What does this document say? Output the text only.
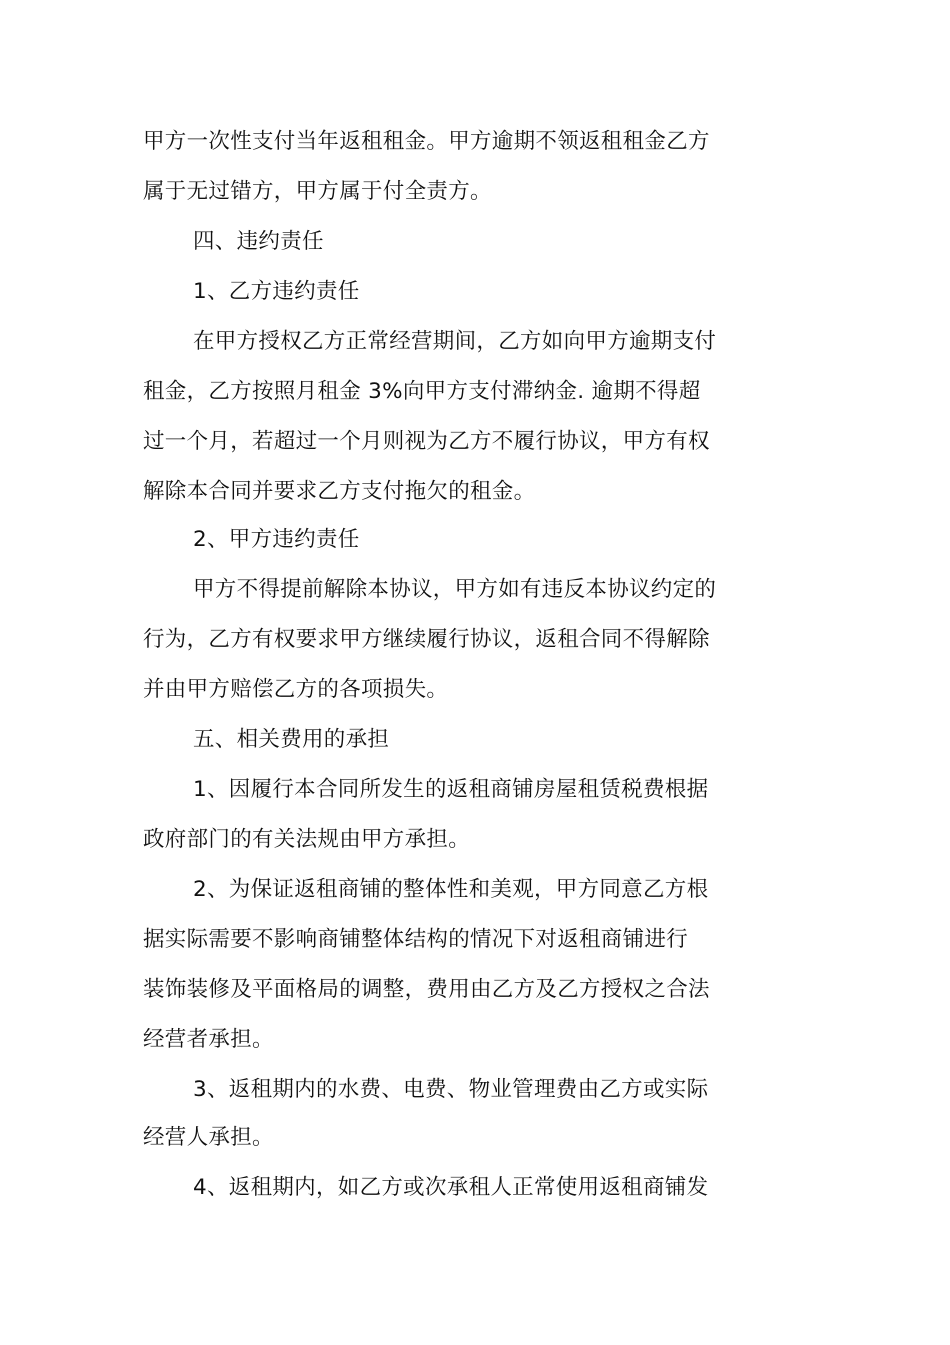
甲方一次性支付当年返租租金。甲方逾期不领返租租金乙方
属于无过错方，甲方属于付全责方。
四、违约责任
1、乙方违约责任
在甲方授权乙方正常经营期间，乙方如向甲方逾期支付
租金，乙方按照月租金 3%向甲方支付滞纳金. 逾期不得超
过一个月，若超过一个月则视为乙方不履行协议，甲方有权
解除本合同并要求乙方支付拖欠的租金。
2、甲方违约责任
甲方不得提前解除本协议，甲方如有违反本协议约定的
行为，乙方有权要求甲方继续履行协议，返租合同不得解除
并由甲方赔偿乙方的各项损失。
五、相关费用的承担
1、因履行本合同所发生的返租商铺房屋租赁税费根据
政府部门的有关法规由甲方承担。
2、为保证返租商铺的整体性和美观，甲方同意乙方根
据实际需要不影响商铺整体结构的情况下对返租商铺进行
装饰装修及平面格局的调整，费用由乙方及乙方授权之合法
经营者承担。
3、返租期内的水费、电费、物业管理费由乙方或实际
经营人承担。
4、返租期内，如乙方或次承租人正常使用返租商铺发
